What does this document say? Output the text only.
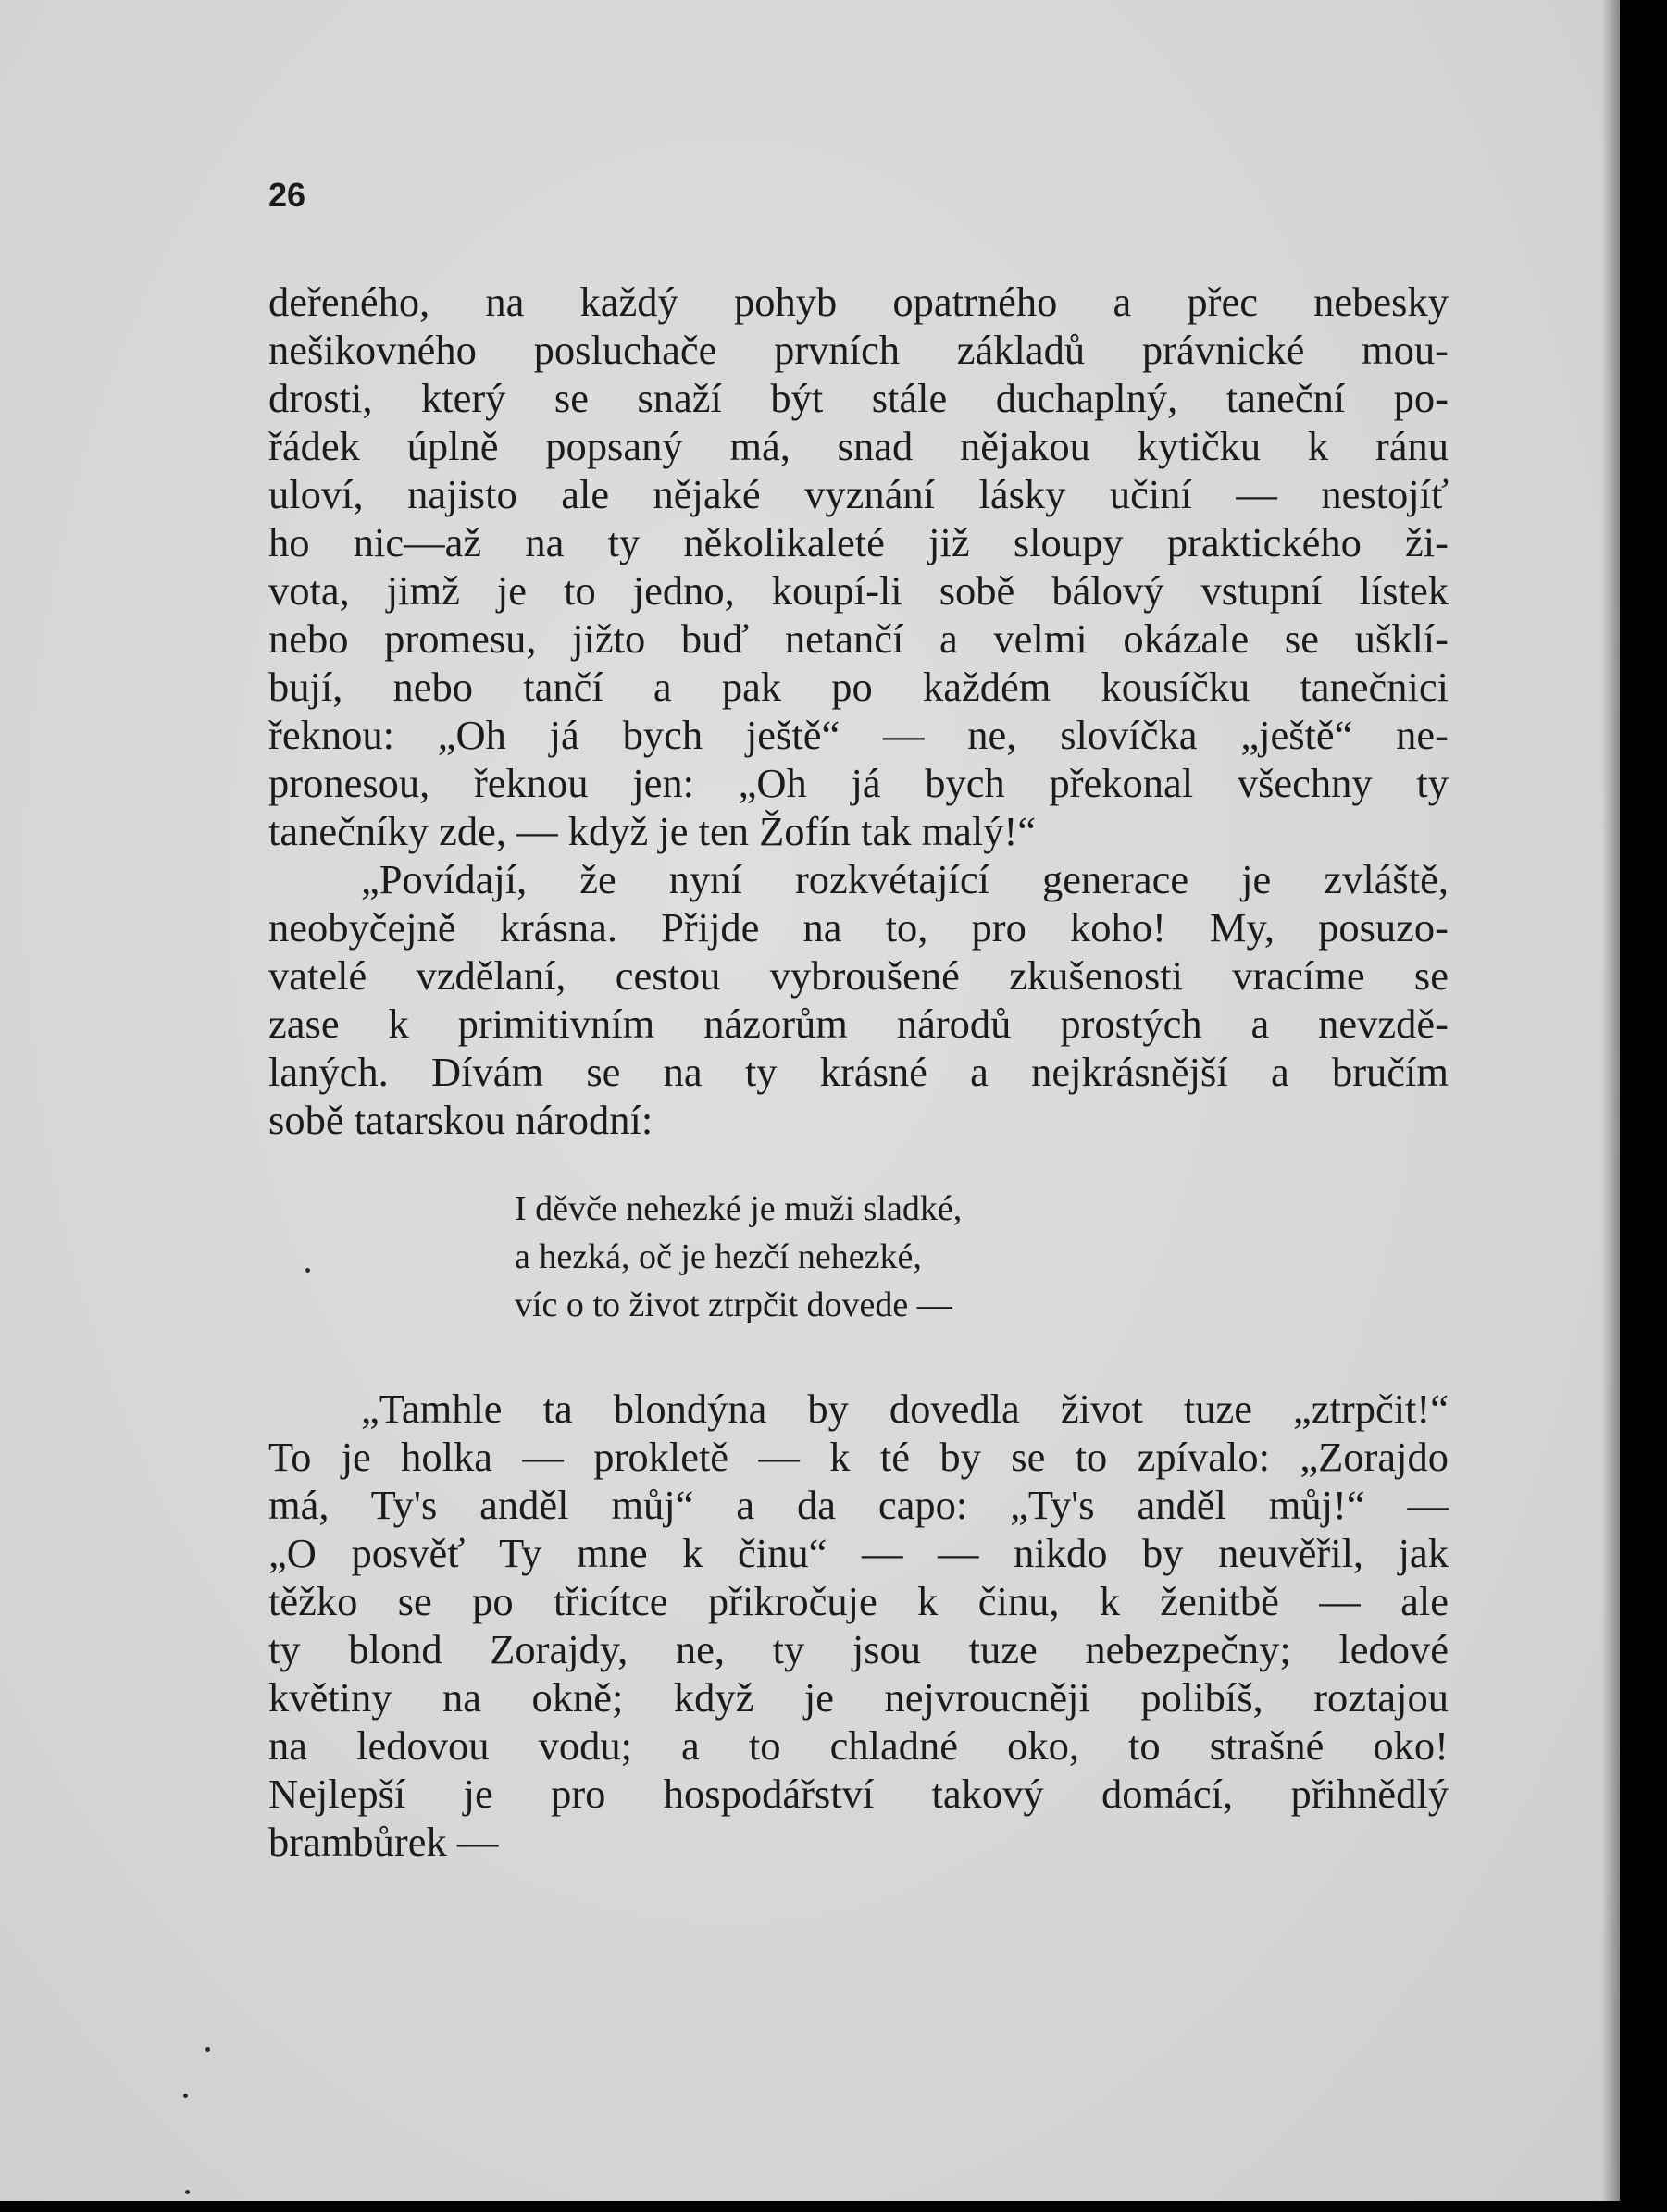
26
deřeného, na každý pohyb opatrného a přec nebesky
nešikovného posluchače prvních základů právnické mou-
drosti, který se snaží být stále duchaplný, taneční po-
řádek úplně popsaný má, snad nějakou kytičku k ránu
uloví, najisto ale nějaké vyznání lásky učiní — nestojíť
ho nic—až na ty několikaleté již sloupy praktického ži-
vota, jimž je to jedno, koupí-li sobě bálový vstupní lístek
nebo promesu, jižto buď netančí a velmi okázale se ušklí-
bují, nebo tančí a pak po každém kousíčku tanečnici
řeknou: „Oh já bych ještě“ — ne, slovíčka „ještě“ ne-
pronesou, řeknou jen: „Oh já bych překonal všechny ty
tanečníky zde, — když je ten Žofín tak malý!“
„Povídají, že nyní rozkvétající generace je zvláště,
neobyčejně krásna. Přijde na to, pro koho! My, posuzo-
vatelé vzdělaní, cestou vybroušené zkušenosti vracíme se
zase k primitivním názorům národů prostých a nevzdě-
laných. Dívám se na ty krásné a nejkrásnější a bručím
sobě tatarskou národní:
I děvče nehezké je muži sladké,
a hezká, oč je hezčí nehezké,
víc o to život ztrpčit dovede —
„Tamhle ta blondýna by dovedla život tuze „ztrpčit!“
To je holka — prokletě — k té by se to zpívalo: „Zorajdo
má, Ty's anděl můj“ a da capo: „Ty's anděl můj!“ —
„O posvěť Ty mne k činu“ — — nikdo by neuvěřil, jak
těžko se po třicítce přikročuje k činu, k ženitbě — ale
ty blond Zorajdy, ne, ty jsou tuze nebezpečny; ledové
květiny na okně; když je nejvroucněji polibíš, roztajou
na ledovou vodu; a to chladné oko, to strašné oko!
Nejlepší je pro hospodářství takový domácí, přihnědlý
brambůrek —
